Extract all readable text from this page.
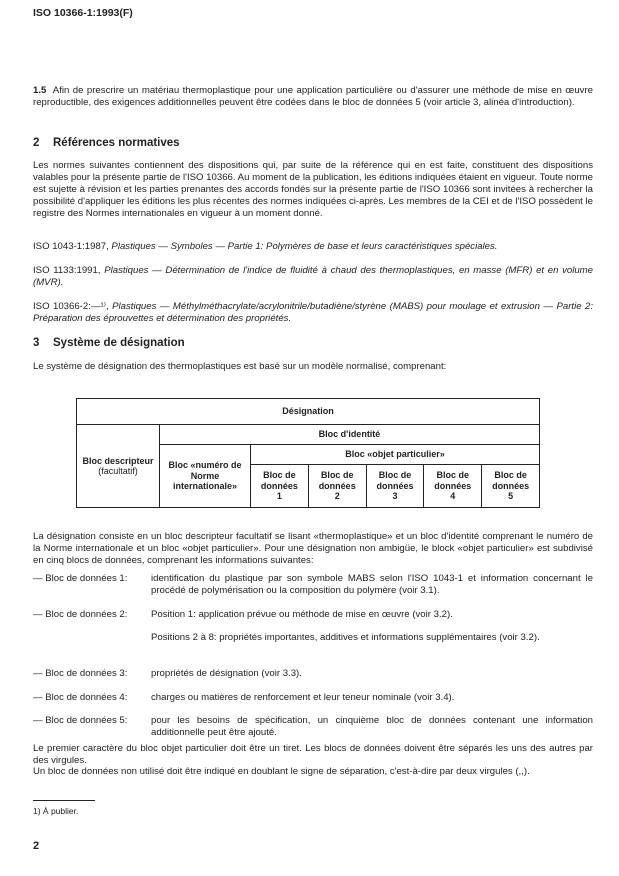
ISO 10366-1:1993(F)
1.5 Afin de prescrire un matériau thermoplastique pour une application particulière ou d'assurer une méthode de mise en œuvre reproductible, des exigences additionnelles peuvent être codées dans le bloc de données 5 (voir article 3, alinéa d'introduction).
2 Références normatives
Les normes suivantes contiennent des dispositions qui, par suite de la référence qui en est faite, constituent des dispositions valables pour la présente partie de l'ISO 10366. Au moment de la publication, les éditions indiquées étaient en vigueur. Toute norme est sujette à révision et les parties prenantes des accords fondés sur la présente partie de l'ISO 10366 sont invitées à rechercher la possibilité d'appliquer les éditions les plus récentes des normes indiquées ci-après. Les membres de la CEI et de l'ISO possèdent le registre des Normes internationales en vigueur à un moment donné.
ISO 1043-1:1987, Plastiques — Symboles — Partie 1: Polymères de base et leurs caractéristiques spéciales.
ISO 1133:1991, Plastiques — Détermination de l'indice de fluidité à chaud des thermoplastiques, en masse (MFR) et en volume (MVR).
ISO 10366-2:—¹⁾, Plastiques — Méthylméthacrylate/acrylonitrile/butadiène/styrène (MABS) pour moulage et extrusion — Partie 2: Préparation des éprouvettes et détermination des propriétés.
3 Système de désignation
Le système de désignation des thermoplastiques est basé sur un modèle normalisé, comprenant:
Désignation						
Bloc descripteur
(facultatif)	Bloc d'identité					
	Bloc «numéro de Norme internationale»	Bloc «objet particulier»				
		Bloc de données 1	Bloc de données 2	Bloc de données 3	Bloc de données 4	Bloc de données 5
La désignation consiste en un bloc descripteur facultatif se lisant «thermoplastique» et un bloc d'identité comprenant le numéro de la Norme internationale et un bloc «objet particulier». Pour une désignation non ambigüe, le block «objet particulier» est subdivisé en cinq blocs de données, comprenant les informations suivantes:
— Bloc de données 1:	identification du plastique par son symbole MABS selon l'ISO 1043-1 et information concernant le procédé de polymérisation ou la composition du polymère (voir 3.1).
— Bloc de données 2:	Position 1: application prévue ou méthode de mise en œuvre (voir 3.2).
Positions 2 à 8: propriétés importantes, additives et informations supplémentaires (voir 3.2).
— Bloc de données 3:	propriétés de désignation (voir 3.3).
— Bloc de données 4:	charges ou matières de renforcement et leur teneur nominale (voir 3.4).
— Bloc de données 5:	pour les besoins de spécification, un cinquième bloc de données contenant une information additionnelle peut être ajouté.
Le premier caractère du bloc objet particulier doit être un tiret. Les blocs de données doivent être séparés les uns des autres par des virgules.
Un bloc de données non utilisé doit être indiqué en doublant le signe de séparation, c'est-à-dire par deux virgules (,,).
1) À publier.
2
